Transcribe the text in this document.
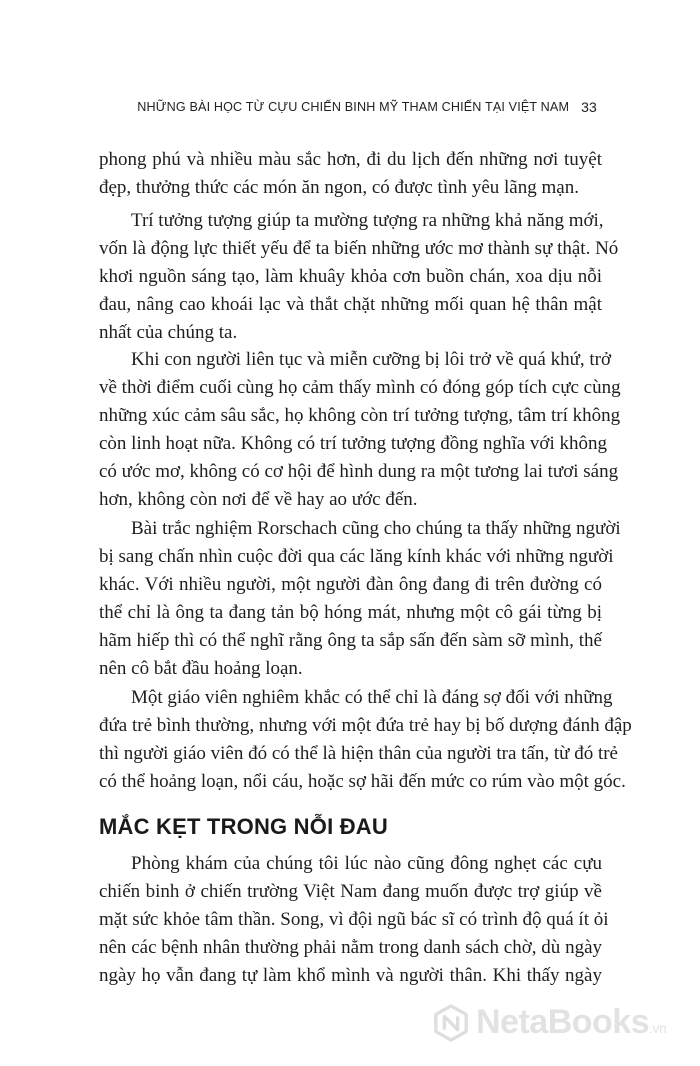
NHỮNG BÀI HỌC TỪ CỰU CHIẾN BINH MỸ THAM CHIẾN TẠI VIỆT NAM 33
phong phú và nhiều màu sắc hơn, đi du lịch đến những nơi tuyệt
đẹp, thưởng thức các món ăn ngon, có được tình yêu lãng mạn.
Trí tưởng tượng giúp ta mường tượng ra những khả năng mới,
vốn là động lực thiết yếu để ta biến những ước mơ thành sự thật. Nó
khơi nguồn sáng tạo, làm khuây khỏa cơn buồn chán, xoa dịu nỗi
đau, nâng cao khoái lạc và thắt chặt những mối quan hệ thân mật
nhất của chúng ta.
Khi con người liên tục và miễn cưỡng bị lôi trở về quá khứ, trở
về thời điểm cuối cùng họ cảm thấy mình có đóng góp tích cực cùng
những xúc cảm sâu sắc, họ không còn trí tưởng tượng, tâm trí không
còn linh hoạt nữa. Không có trí tưởng tượng đồng nghĩa với không
có ước mơ, không có cơ hội để hình dung ra một tương lai tươi sáng
hơn, không còn nơi để về hay ao ước đến.
Bài trắc nghiệm Rorschach cũng cho chúng ta thấy những người
bị sang chấn nhìn cuộc đời qua các lăng kính khác với những người
khác. Với nhiều người, một người đàn ông đang đi trên đường có
thể chỉ là ông ta đang tản bộ hóng mát, nhưng một cô gái từng bị
hãm hiếp thì có thể nghĩ rằng ông ta sắp sấn đến sàm sỡ mình, thế
nên cô bắt đầu hoảng loạn.
Một giáo viên nghiêm khắc có thể chỉ là đáng sợ đối với những
đứa trẻ bình thường, nhưng với một đứa trẻ hay bị bố dượng đánh đập
thì người giáo viên đó có thể là hiện thân của người tra tấn, từ đó trẻ
có thể hoảng loạn, nổi cáu, hoặc sợ hãi đến mức co rúm vào một góc.
MẮC KẸT TRONG NỖI ĐAU
Phòng khám của chúng tôi lúc nào cũng đông nghẹt các cựu
chiến binh ở chiến trường Việt Nam đang muốn được trợ giúp về
mặt sức khỏe tâm thần. Song, vì đội ngũ bác sĩ có trình độ quá ít ỏi
nên các bệnh nhân thường phải nằm trong danh sách chờ, dù ngày
ngày họ vẫn đang tự làm khổ mình và người thân. Khi thấy ngày
NetaBooks.vn
